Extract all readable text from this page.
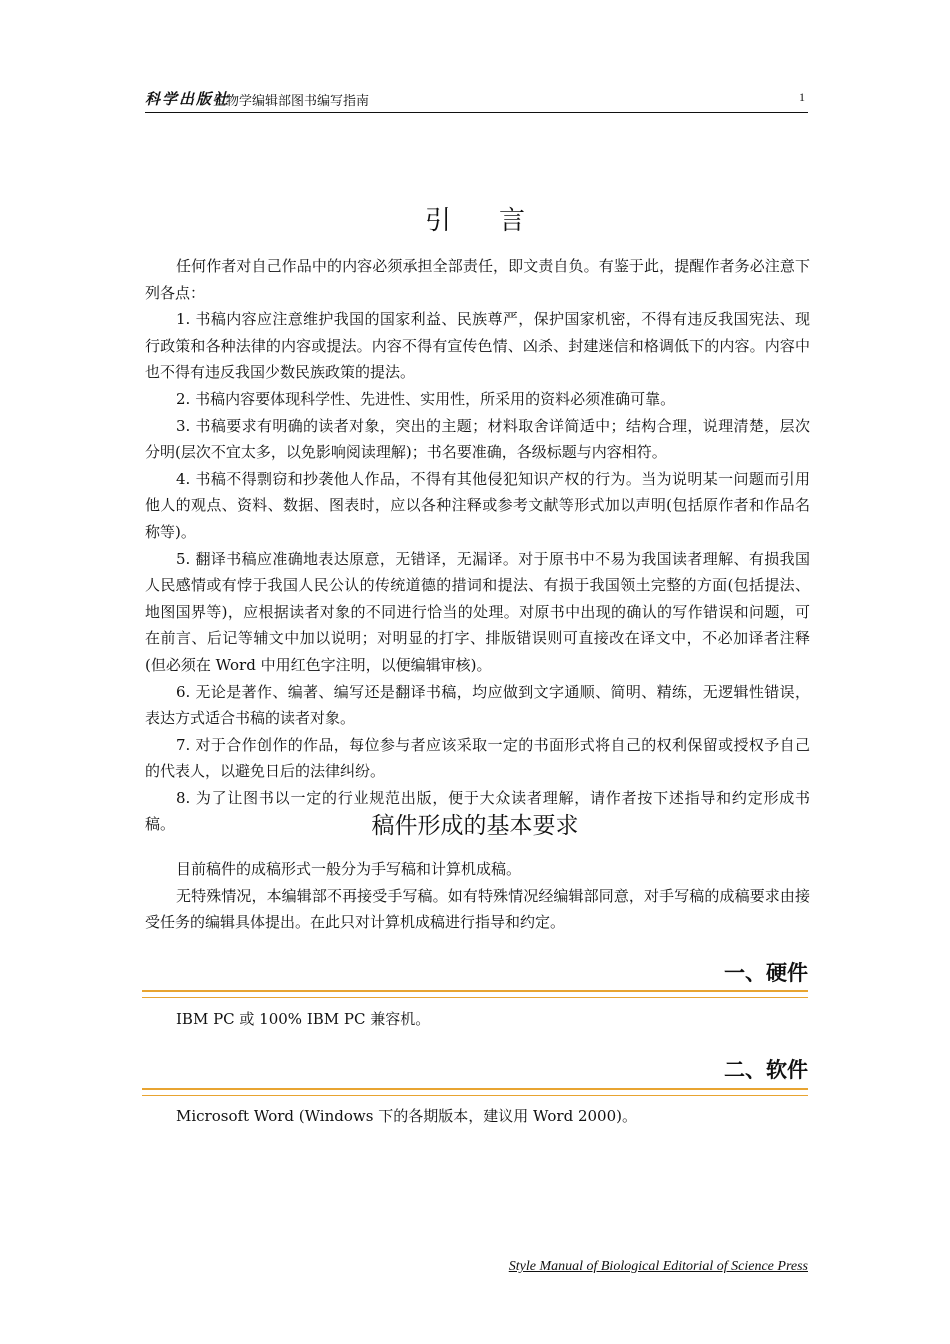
科学出版社
生物学编辑部图书编写指南	1
引言

任何作者对自己作品中的内容必须承担全部责任，即文责自负。有鉴于此，提醒作者务必注意下列各点：

1. 书稿内容应注意维护我国的国家利益、民族尊严，保护国家机密，不得有违反我国宪法、现行政策和各种法律的内容或提法。内容不得有宣传色情、凶杀、封建迷信和格调低下的内容。内容中也不得有违反我国少数民族政策的提法。

2. 书稿内容要体现科学性、先进性、实用性，所采用的资料必须准确可靠。

3. 书稿要求有明确的读者对象，突出的主题；材料取舍详简适中；结构合理，说理清楚，层次分明(层次不宜太多，以免影响阅读理解)；书名要准确，各级标题与内容相符。

4. 书稿不得剽窃和抄袭他人作品，不得有其他侵犯知识产权的行为。当为说明某一问题而引用他人的观点、资料、数据、图表时，应以各种注释或参考文献等形式加以声明(包括原作者和作品名称等)。

5. 翻译书稿应准确地表达原意，无错译，无漏译。对于原书中不易为我国读者理解、有损我国人民感情或有悖于我国人民公认的传统道德的措词和提法、有损于我国领土完整的方面(包括提法、地图国界等)，应根据读者对象的不同进行恰当的处理。对原书中出现的确认的写作错误和问题，可在前言、后记等辅文中加以说明；对明显的打字、排版错误则可直接改在译文中，不必加译者注释(但必须在 Word 中用红色字注明，以便编辑审核)。

6. 无论是著作、编著、编写还是翻译书稿，均应做到文字通顺、简明、精练，无逻辑性错误，表达方式适合书稿的读者对象。

7. 对于合作创作的作品，每位参与者应该采取一定的书面形式将自己的权利保留或授权予自己的代表人，以避免日后的法律纠纷。

8. 为了让图书以一定的行业规范出版，便于大众读者理解，请作者按下述指导和约定形成书稿。	稿件形成的基本要求

目前稿件的成稿形式一般分为手写稿和计算机成稿。

无特殊情况，本编辑部不再接受手写稿。如有特殊情况经编辑部同意，对手写稿的成稿要求由接受任务的编辑具体提出。在此只对计算机成稿进行指导和约定。

一、硬件
IBM PC 或 100% IBM PC 兼容机。
二、软件
Microsoft Word (Windows 下的各期版本，建议用 Word 2000)。
Style Manual of Biological Editorial of Science Press
